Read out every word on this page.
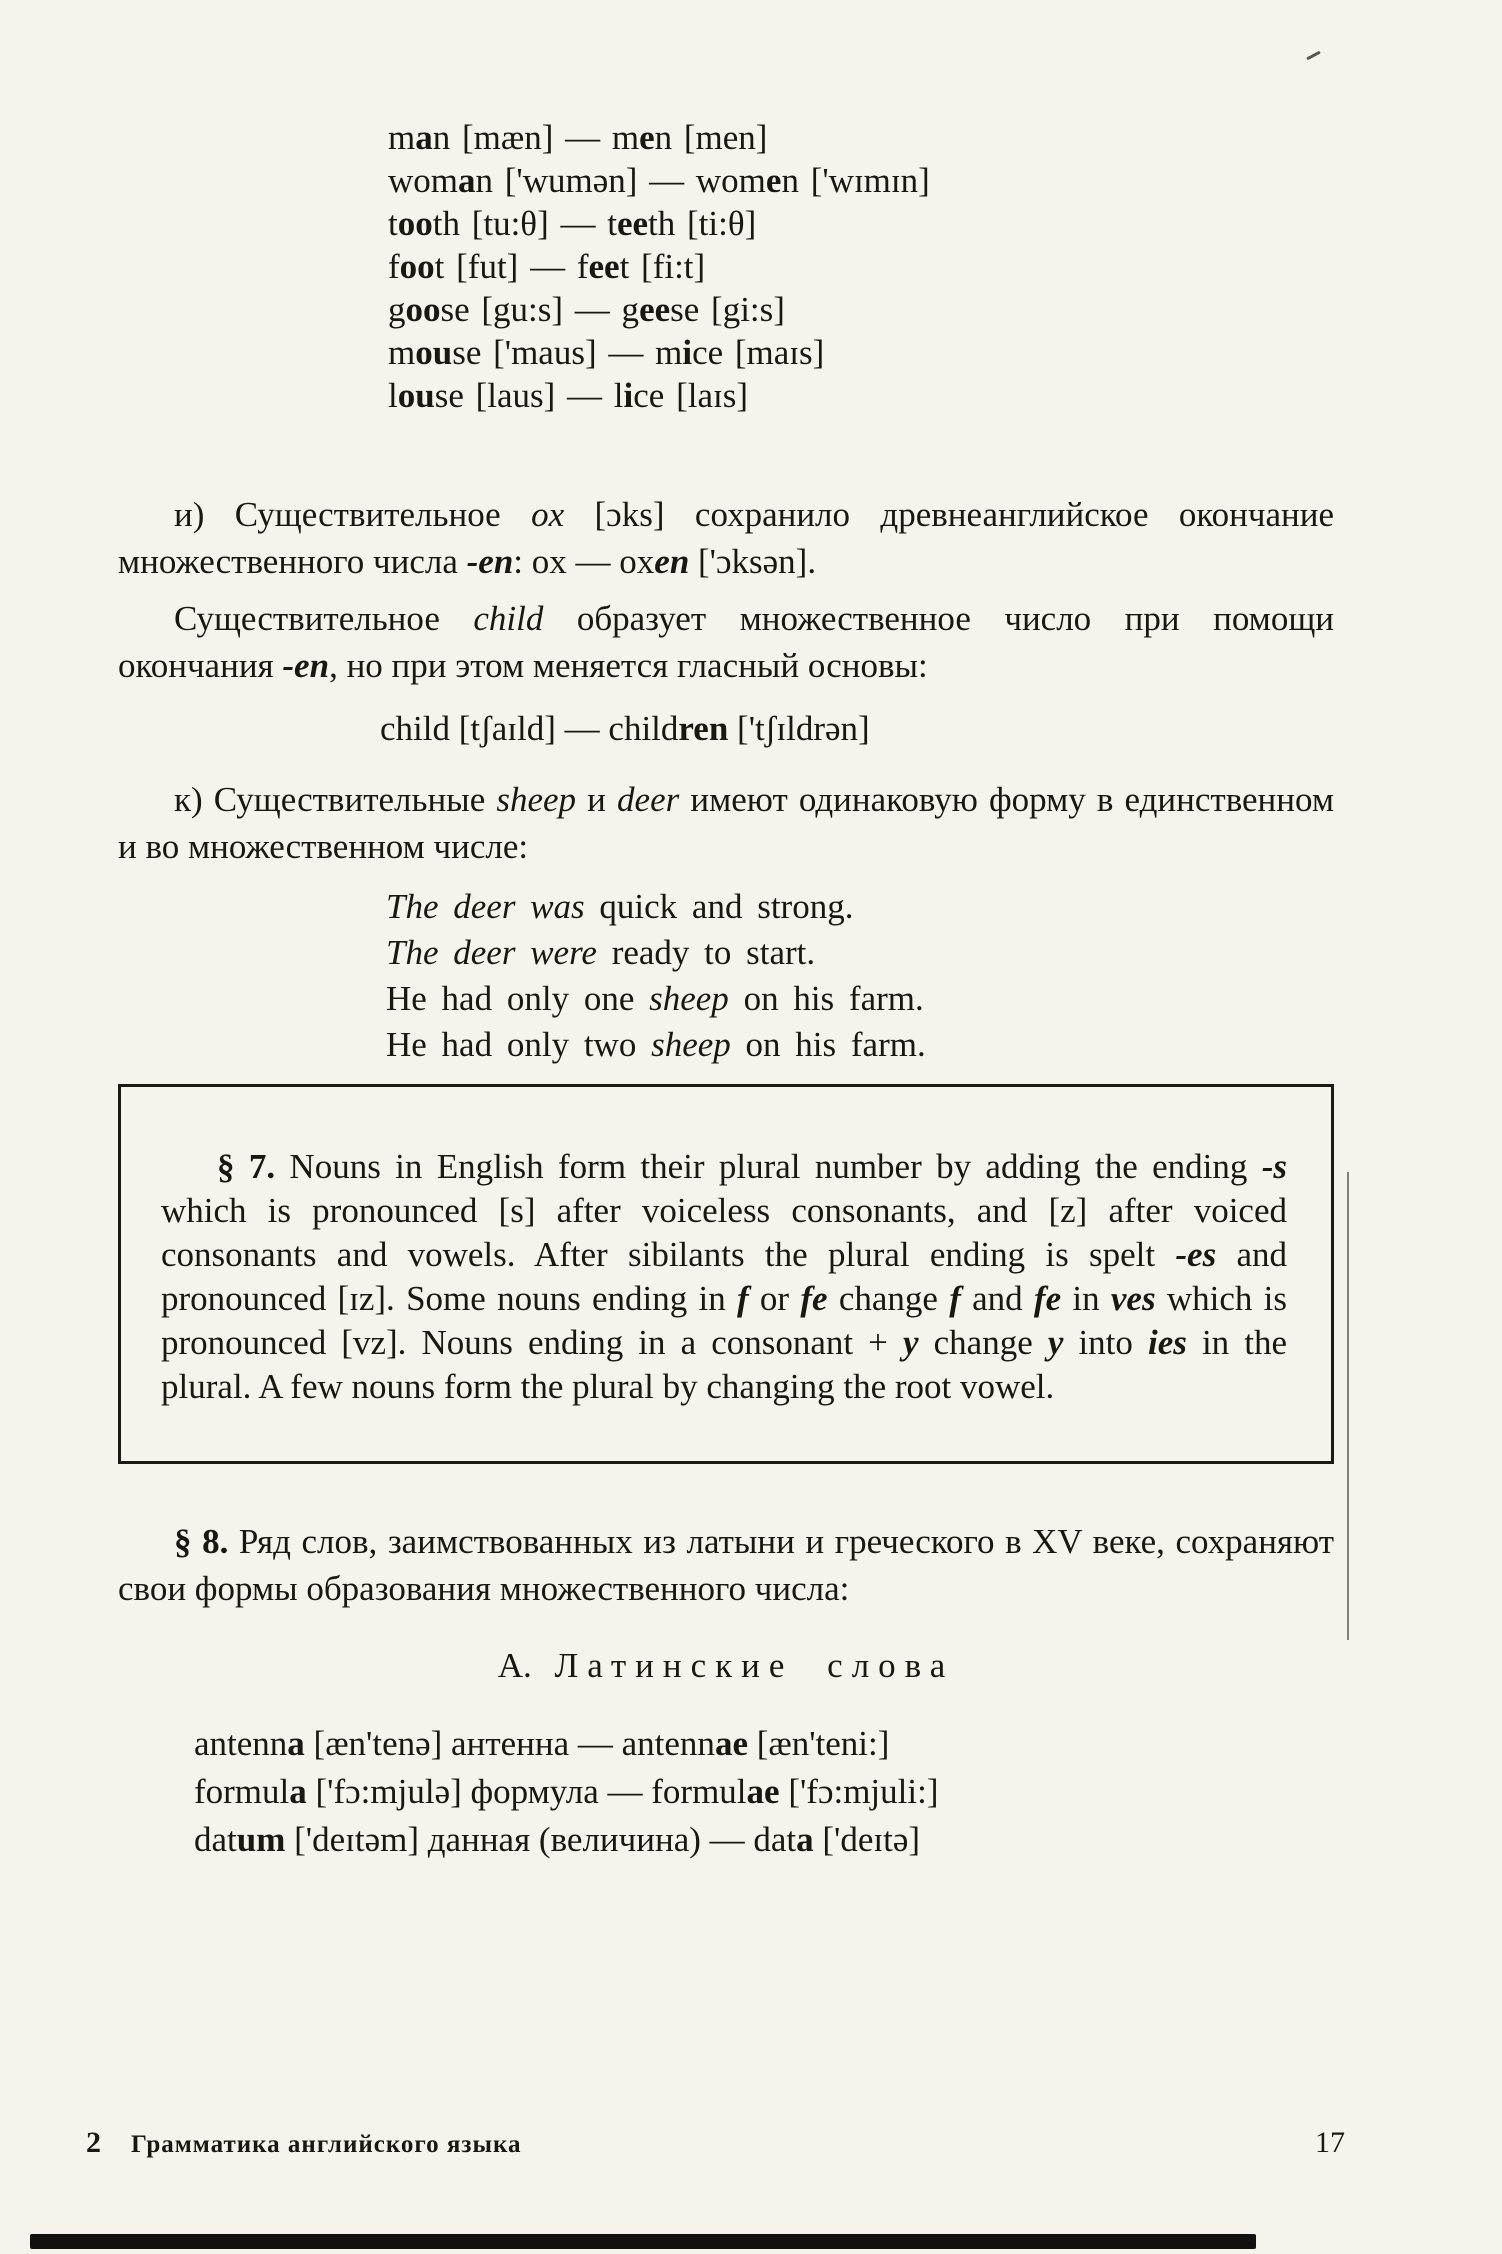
man [mæn] — men [men]
woman ['wumən] — women ['wɪmɪn]
tooth [tu:θ] — teeth [ti:θ]
foot [fut] — feet [fi:t]
goose [gu:s] — geese [gi:s]
mouse ['maus] — mice [maɪs]
louse [laus] — lice [laɪs]

и) Существительное ox [ɔks] сохранило древнеанглийское окончание множественного числа -en: ox — oxen ['ɔksən].

Существительное child образует множественное число при помощи окончания -en, но при этом меняется гласный основы:

child [tʃaɪld] — children ['tʃɪldrən]

к) Существительные sheep и deer имеют одинаковую форму в единственном и во множественном числе:

The deer was quick and strong.
The deer were ready to start.
He had only one sheep on his farm.
He had only two sheep on his farm.

§ 7. Nouns in English form their plural number by adding the ending -s which is pronounced [s] after voiceless consonants, and [z] after voiced consonants and vowels. After sibilants the plural ending is spelt -es and pronounced [ɪz]. Some nouns ending in f or fe change f and fe in ves which is pronounced [vz]. Nouns ending in a consonant + y change y into ies in the plural. A few nouns form the plural by changing the root vowel.

§ 8. Ряд слов, заимствованных из латыни и греческого в XV веке, сохраняют свои формы образования множественного числа:

А. Латинские слова
antenna [æn'tenə] антенна — antennae [æn'teni:]
formula ['fɔ:mjulə] формула — formulae ['fɔ:mjuli:]
datum ['deɪtəm] данная (величина) — data ['deɪtə]
2 Грамматика английского языка	17
